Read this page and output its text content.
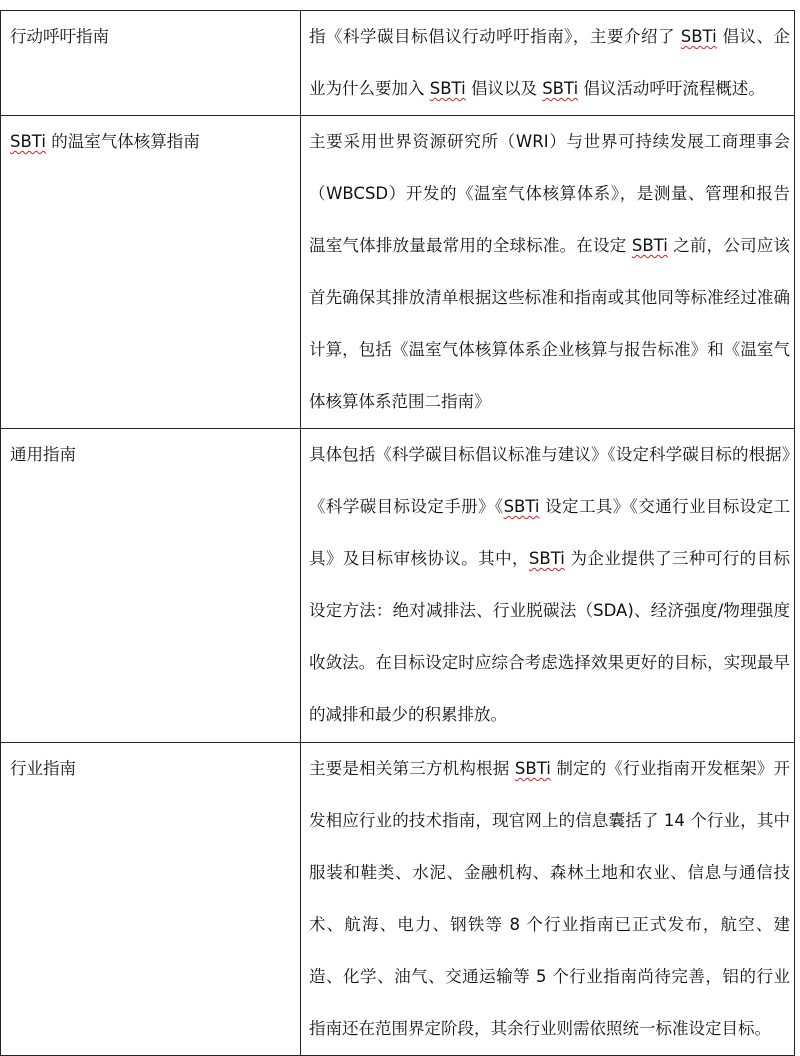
行动呼吁指南	指《科学碳目标倡议行动呼吁指南》，主要介绍了 SBTi 倡议、企业为什么要加入 SBTi 倡议以及 SBTi 倡议活动呼吁流程概述。
SBTi 的温室气体核算指南	主要采用世界资源研究所（WRI）与世界可持续发展工商理事会（WBCSD）开发的《温室气体核算体系》，是测量、管理和报告温室气体排放量最常用的全球标准。在设定 SBTi 之前，公司应该首先确保其排放清单根据这些标准和指南或其他同等标准经过准确计算，包括《温室气体核算体系企业核算与报告标准》和《温室气体核算体系范围二指南》
通用指南	具体包括《科学碳目标倡议标准与建议》《设定科学碳目标的根据》《科学碳目标设定手册》《SBTi 设定工具》《交通行业目标设定工具》及目标审核协议。其中，SBTi 为企业提供了三种可行的目标设定方法：绝对减排法、行业脱碳法（SDA)、经济强度/物理强度收敛法。在目标设定时应综合考虑选择效果更好的目标，实现最早的减排和最少的积累排放。
行业指南	主要是相关第三方机构根据 SBTi 制定的《行业指南开发框架》开发相应行业的技术指南，现官网上的信息囊括了 14 个行业，其中服装和鞋类、水泥、金融机构、森林土地和农业、信息与通信技术、航海、电力、钢铁等 8 个行业指南已正式发布，航空、建造、化学、油气、交通运输等 5 个行业指南尚待完善，铝的行业指南还在范围界定阶段，其余行业则需依照统一标准设定目标。
